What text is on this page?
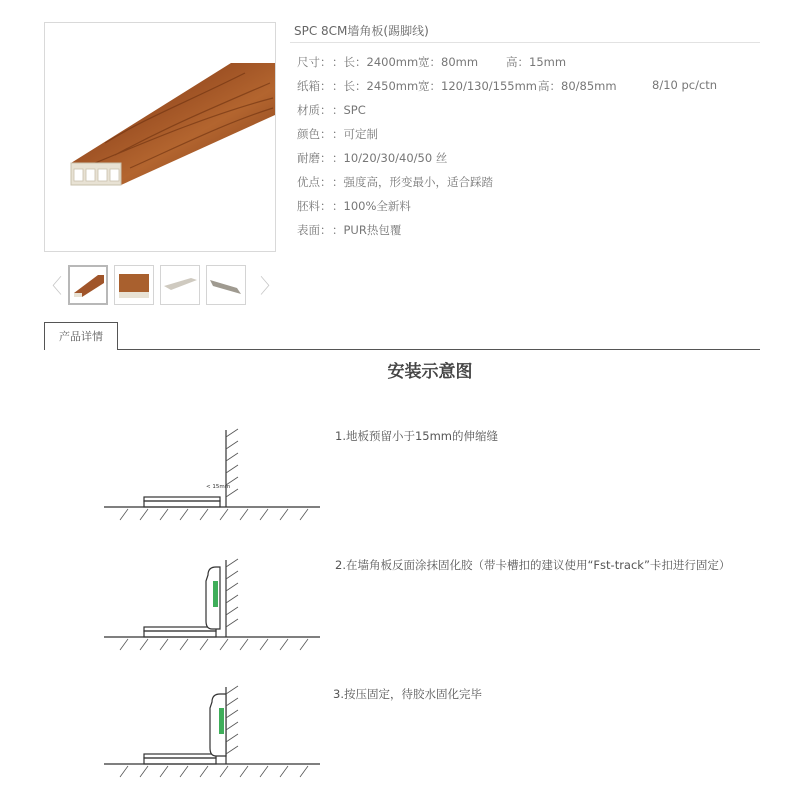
〈	〉
SPC 8CM墙角板(踢脚线)
尺寸： ：长：2400mm 宽：80mm 高：15mm
纸箱： ：长：2450mm 宽：120/130/155mm 高：80/85mm	8/10 pc/ctn
材质： ：SPC
颜色： ：可定制
耐磨： ：10/20/30/40/50 丝
优点： ：强度高，形变最小，适合踩踏
胚料： ：100%全新料
表面： ：PUR热包覆
产品详情
安装示意图
< 15mm
1.地板预留小于15mm的伸缩缝
2.在墙角板反面涂抹固化胶（带卡槽扣的建议使用“Fst-track”卡扣进行固定）
3.按压固定，待胶水固化完毕
